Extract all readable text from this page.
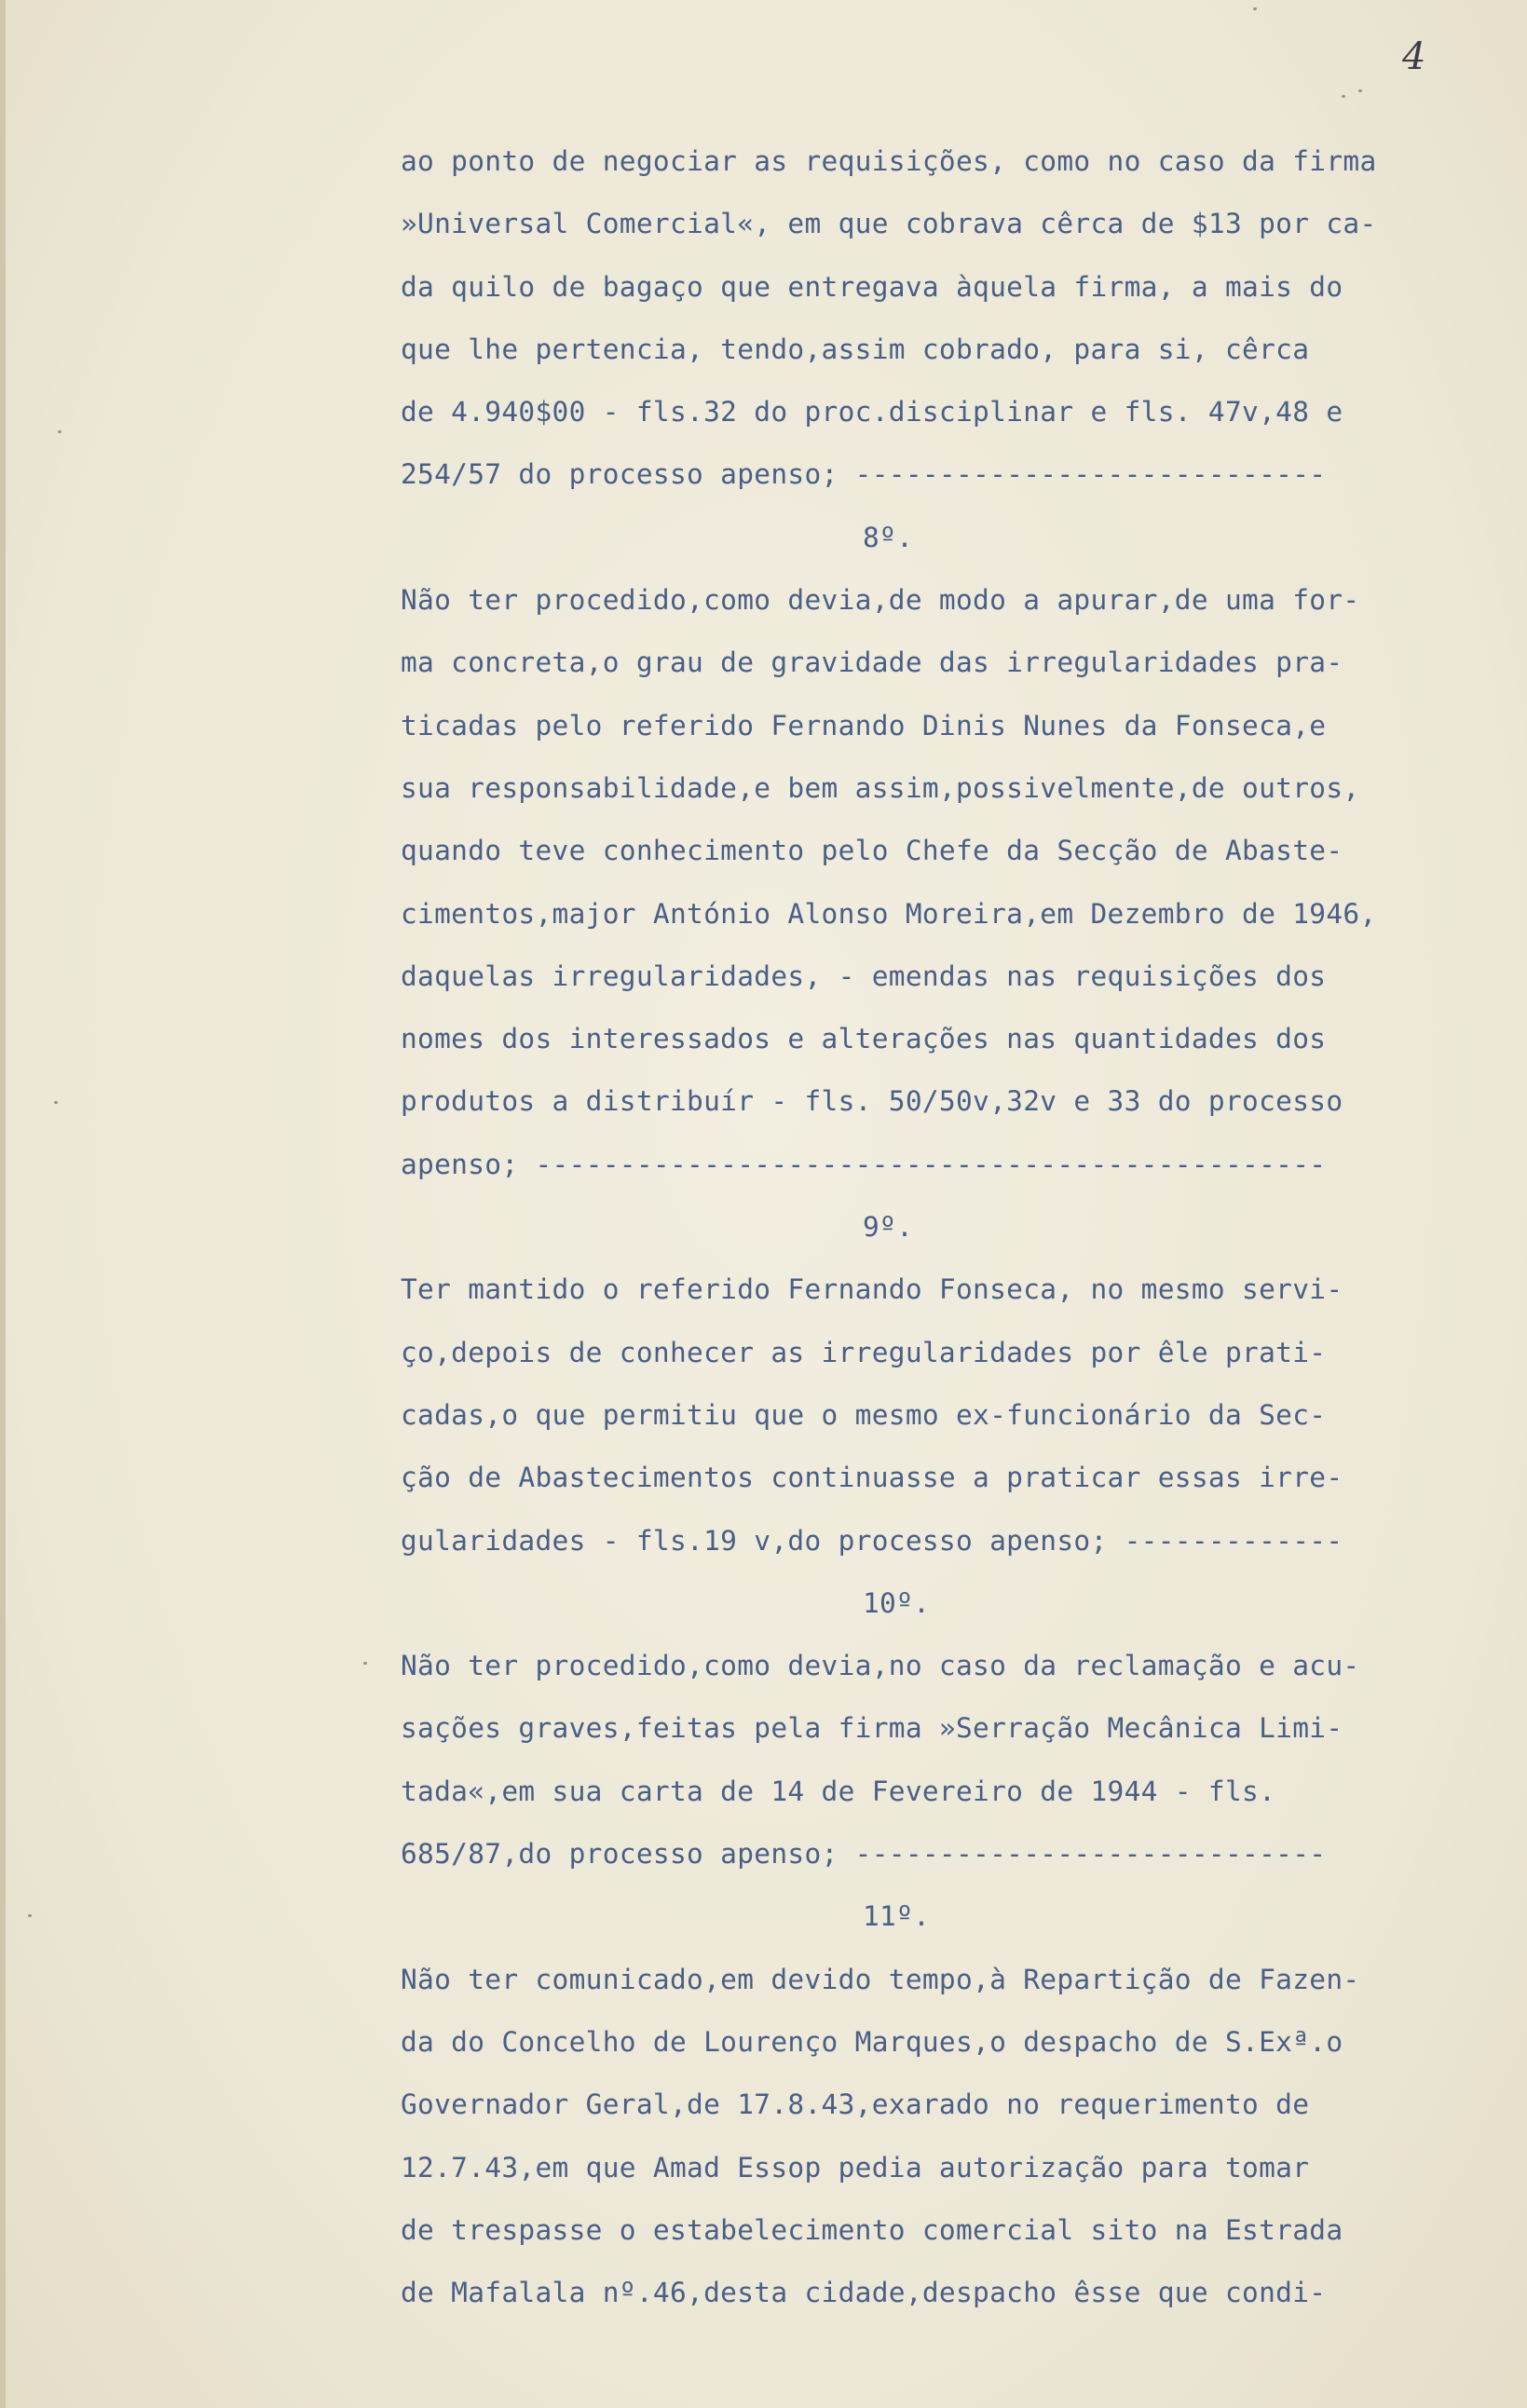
4
ao ponto de negociar as requisições, como no caso da firma
»Universal Comercial«, em que cobrava cêrca de $13 por ca-
da quilo de bagaço que entregava àquela firma, a mais do
que lhe pertencia, tendo,assim cobrado, para si, cêrca
de 4.940$00 - fls.32 do proc.disciplinar e fls. 47v,48 e
254/57 do processo apenso; ----------------------------
8º.
Não ter procedido,como devia,de modo a apurar,de uma for-
ma concreta,o grau de gravidade das irregularidades pra-
ticadas pelo referido Fernando Dinis Nunes da Fonseca,e
sua responsabilidade,e bem assim,possivelmente,de outros,
quando teve conhecimento pelo Chefe da Secção de Abaste-
cimentos,major António Alonso Moreira,em Dezembro de 1946,
daquelas irregularidades, - emendas nas requisições dos
nomes dos interessados e alterações nas quantidades dos
produtos a distribuír - fls. 50/50v,32v e 33 do processo
apenso; -----------------------------------------------
9º.
Ter mantido o referido Fernando Fonseca, no mesmo servi-
ço,depois de conhecer as irregularidades por êle prati-
cadas,o que permitiu que o mesmo ex-funcionário da Sec-
ção de Abastecimentos continuasse a praticar essas irre-
gularidades - fls.19 v,do processo apenso; -------------
10º.
Não ter procedido,como devia,no caso da reclamação e acu-
sações graves,feitas pela firma »Serração Mecânica Limi-
tada«,em sua carta de 14 de Fevereiro de 1944 - fls.
685/87,do processo apenso; ----------------------------
11º.
Não ter comunicado,em devido tempo,à Repartição de Fazen-
da do Concelho de Lourenço Marques,o despacho de S.Exª.o
Governador Geral,de 17.8.43,exarado no requerimento de
12.7.43,em que Amad Essop pedia autorização para tomar
de trespasse o estabelecimento comercial sito na Estrada
de Mafalala nº.46,desta cidade,despacho êsse que condi-
